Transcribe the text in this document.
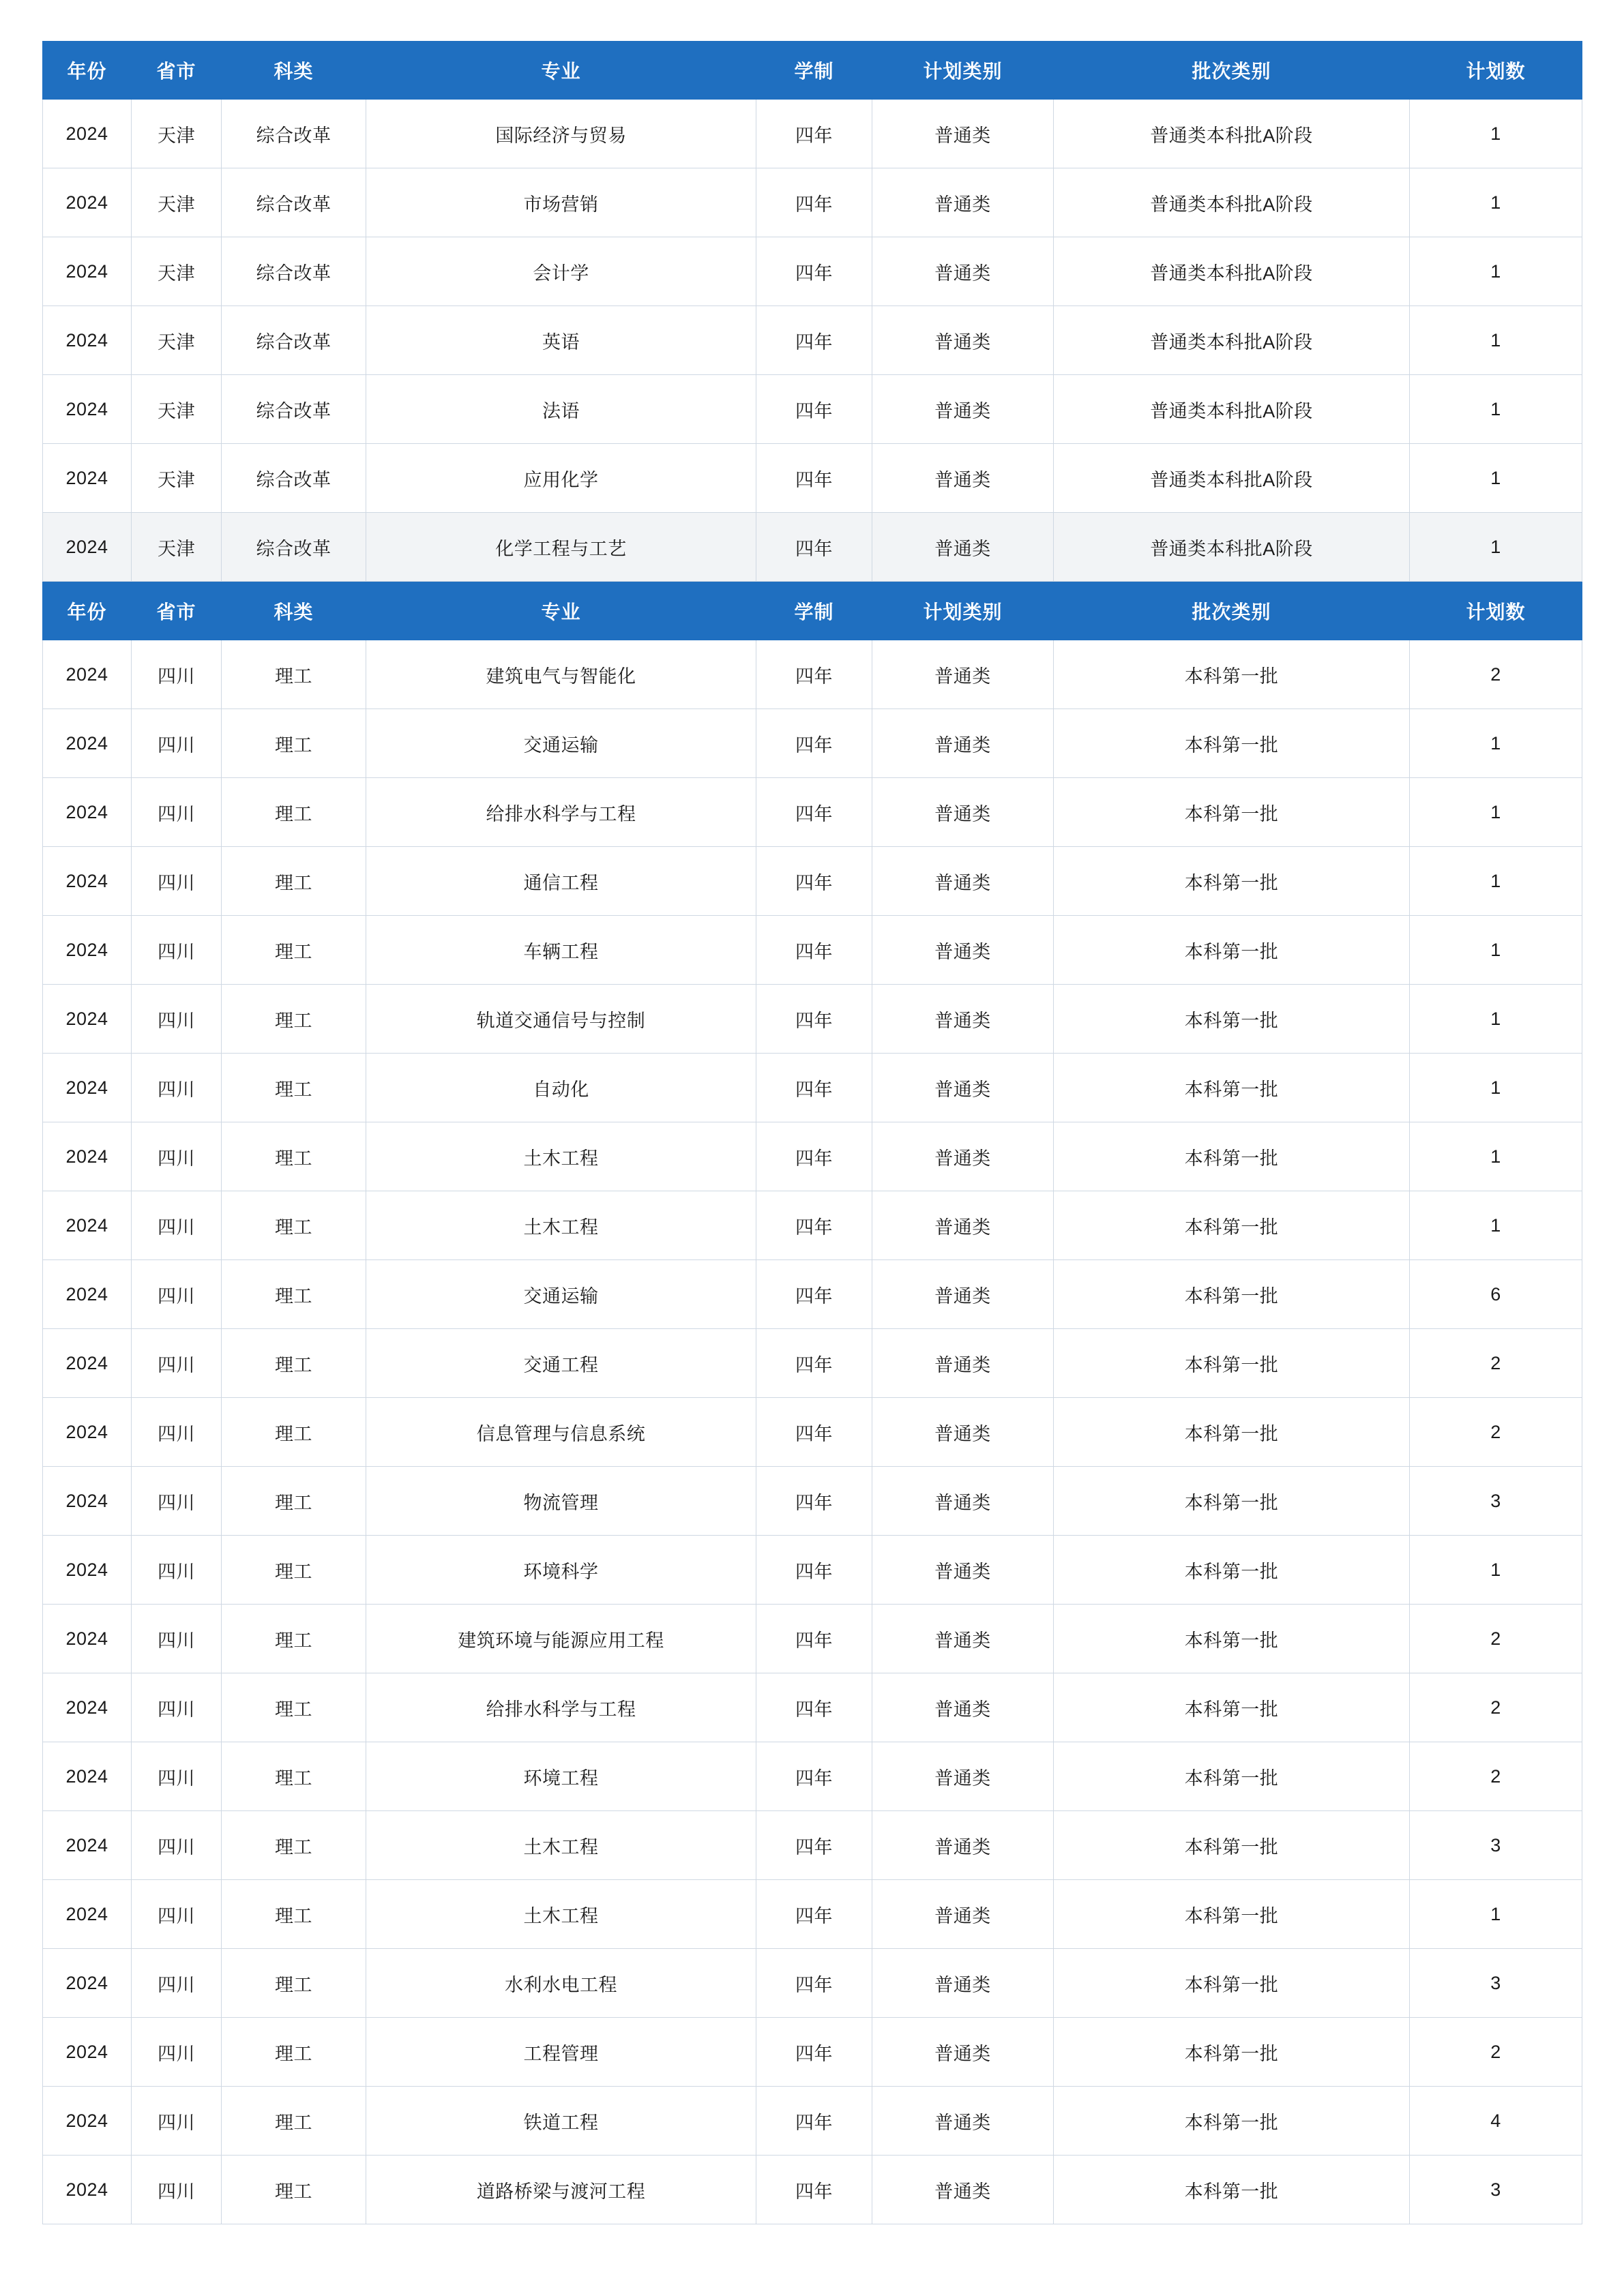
年份	省市	科类	专业	学制	计划类别	批次类别	计划数
2024	天津	综合改革	国际经济与贸易	四年	普通类	普通类本科批A阶段	1
2024	天津	综合改革	市场营销	四年	普通类	普通类本科批A阶段	1
2024	天津	综合改革	会计学	四年	普通类	普通类本科批A阶段	1
2024	天津	综合改革	英语	四年	普通类	普通类本科批A阶段	1
2024	天津	综合改革	法语	四年	普通类	普通类本科批A阶段	1
2024	天津	综合改革	应用化学	四年	普通类	普通类本科批A阶段	1
2024	天津	综合改革	化学工程与工艺	四年	普通类	普通类本科批A阶段	1
年份	省市	科类	专业	学制	计划类别	批次类别	计划数
2024	四川	理工	建筑电气与智能化	四年	普通类	本科第一批	2
2024	四川	理工	交通运输	四年	普通类	本科第一批	1
2024	四川	理工	给排水科学与工程	四年	普通类	本科第一批	1
2024	四川	理工	通信工程	四年	普通类	本科第一批	1
2024	四川	理工	车辆工程	四年	普通类	本科第一批	1
2024	四川	理工	轨道交通信号与控制	四年	普通类	本科第一批	1
2024	四川	理工	自动化	四年	普通类	本科第一批	1
2024	四川	理工	土木工程	四年	普通类	本科第一批	1
2024	四川	理工	土木工程	四年	普通类	本科第一批	1
2024	四川	理工	交通运输	四年	普通类	本科第一批	6
2024	四川	理工	交通工程	四年	普通类	本科第一批	2
2024	四川	理工	信息管理与信息系统	四年	普通类	本科第一批	2
2024	四川	理工	物流管理	四年	普通类	本科第一批	3
2024	四川	理工	环境科学	四年	普通类	本科第一批	1
2024	四川	理工	建筑环境与能源应用工程	四年	普通类	本科第一批	2
2024	四川	理工	给排水科学与工程	四年	普通类	本科第一批	2
2024	四川	理工	环境工程	四年	普通类	本科第一批	2
2024	四川	理工	土木工程	四年	普通类	本科第一批	3
2024	四川	理工	土木工程	四年	普通类	本科第一批	1
2024	四川	理工	水利水电工程	四年	普通类	本科第一批	3
2024	四川	理工	工程管理	四年	普通类	本科第一批	2
2024	四川	理工	铁道工程	四年	普通类	本科第一批	4
2024	四川	理工	道路桥梁与渡河工程	四年	普通类	本科第一批	3
